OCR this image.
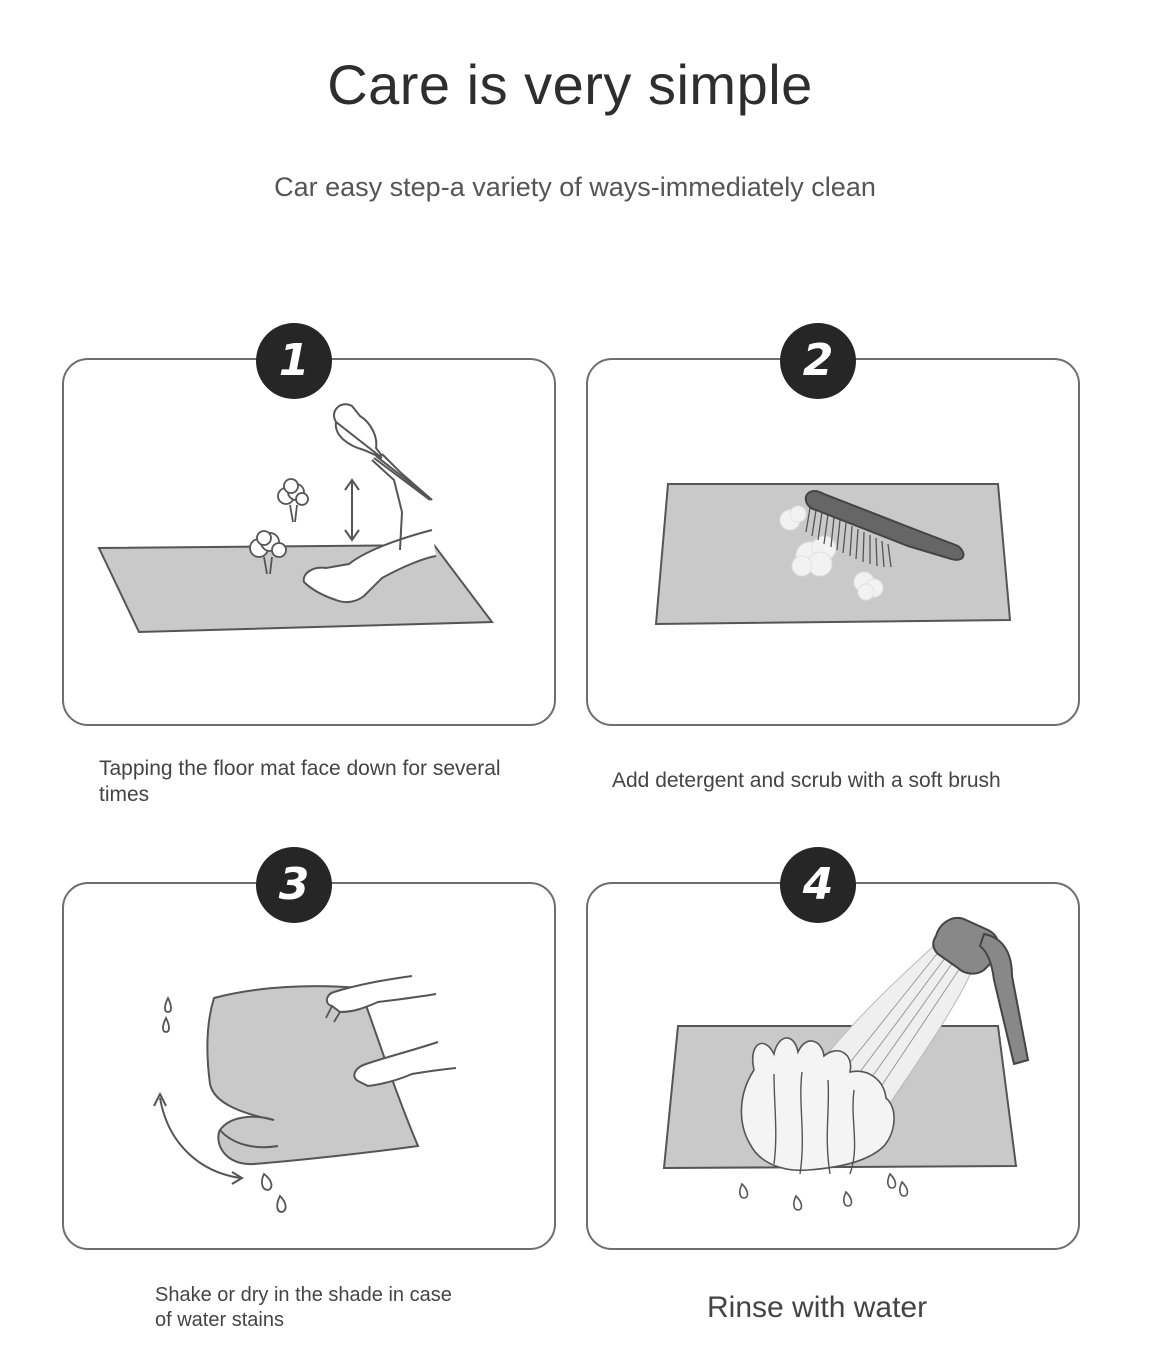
Care is very simple
Car easy step-a variety of ways-immediately clean
1
Tapping the floor mat face down for several times
2
Add detergent and scrub with a soft brush
3
Shake or dry in the shade in case of water stains
4
Rinse with water
